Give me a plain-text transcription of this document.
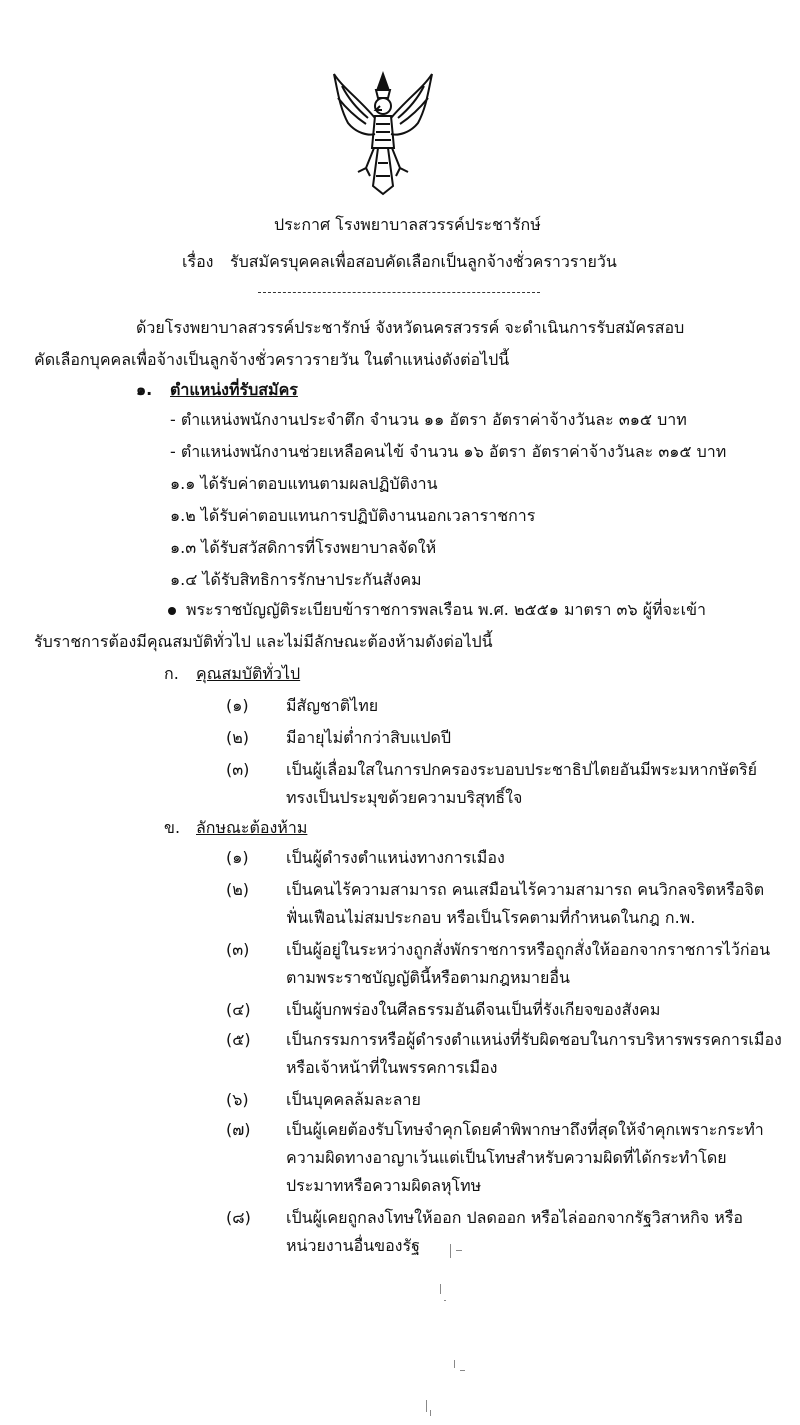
ประกาศ โรงพยาบาลสวรรค์ประชารักษ์
เรื่อง รับสมัครบุคคลเพื่อสอบคัดเลือกเป็นลูกจ้างชั่วคราวรายวัน
ด้วยโรงพยาบาลสวรรค์ประชารักษ์ จังหวัดนครสวรรค์ จะดำเนินการรับสมัครสอบ
คัดเลือกบุคคลเพื่อจ้างเป็นลูกจ้างชั่วคราวรายวัน ในตำแหน่งดังต่อไปนี้
๑. ตำแหน่งที่รับสมัคร
- ตำแหน่งพนักงานประจำตึก จำนวน ๑๑ อัตรา อัตราค่าจ้างวันละ ๓๑๕ บาท
- ตำแหน่งพนักงานช่วยเหลือคนไข้ จำนวน ๑๖ อัตรา อัตราค่าจ้างวันละ ๓๑๕ บาท
๑.๑ ได้รับค่าตอบแทนตามผลปฏิบัติงาน
๑.๒ ได้รับค่าตอบแทนการปฏิบัติงานนอกเวลาราชการ
๑.๓ ได้รับสวัสดิการที่โรงพยาบาลจัดให้
๑.๔ ได้รับสิทธิการรักษาประกันสังคม
พระราชบัญญัติระเบียบข้าราชการพลเรือน พ.ศ. ๒๕๕๑ มาตรา ๓๖ ผู้ที่จะเข้า
รับราชการต้องมีคุณสมบัติทั่วไป และไม่มีลักษณะต้องห้ามดังต่อไปนี้
ก. คุณสมบัติทั่วไป
(๑) มีสัญชาติไทย
(๒) มีอายุไม่ต่ำกว่าสิบแปดปี
(๓) เป็นผู้เลื่อมใสในการปกครองระบอบประชาธิปไตยอันมีพระมหากษัตริย์
ทรงเป็นประมุขด้วยความบริสุทธิ์ใจ
ข. ลักษณะต้องห้าม
(๑) เป็นผู้ดำรงตำแหน่งทางการเมือง
(๒) เป็นคนไร้ความสามารถ คนเสมือนไร้ความสามารถ คนวิกลจริตหรือจิต
ฟั่นเฟือนไม่สมประกอบ หรือเป็นโรคตามที่กำหนดในกฎ ก.พ.
(๓) เป็นผู้อยู่ในระหว่างถูกสั่งพักราชการหรือถูกสั่งให้ออกจากราชการไว้ก่อน
ตามพระราชบัญญัตินี้หรือตามกฎหมายอื่น
(๔) เป็นผู้บกพร่องในศีลธรรมอันดีจนเป็นที่รังเกียจของสังคม
(๕) เป็นกรรมการหรือผู้ดำรงตำแหน่งที่รับผิดชอบในการบริหารพรรคการเมือง
หรือเจ้าหน้าที่ในพรรคการเมือง
(๖) เป็นบุคคลล้มละลาย
(๗) เป็นผู้เคยต้องรับโทษจำคุกโดยคำพิพากษาถึงที่สุดให้จำคุกเพราะกระทำ
ความผิดทางอาญาเว้นแต่เป็นโทษสำหรับความผิดที่ได้กระทำโดย
ประมาทหรือความผิดลหุโทษ
(๘) เป็นผู้เคยถูกลงโทษให้ออก ปลดออก หรือไล่ออกจากรัฐวิสาหกิจ หรือ
หน่วยงานอื่นของรัฐ
